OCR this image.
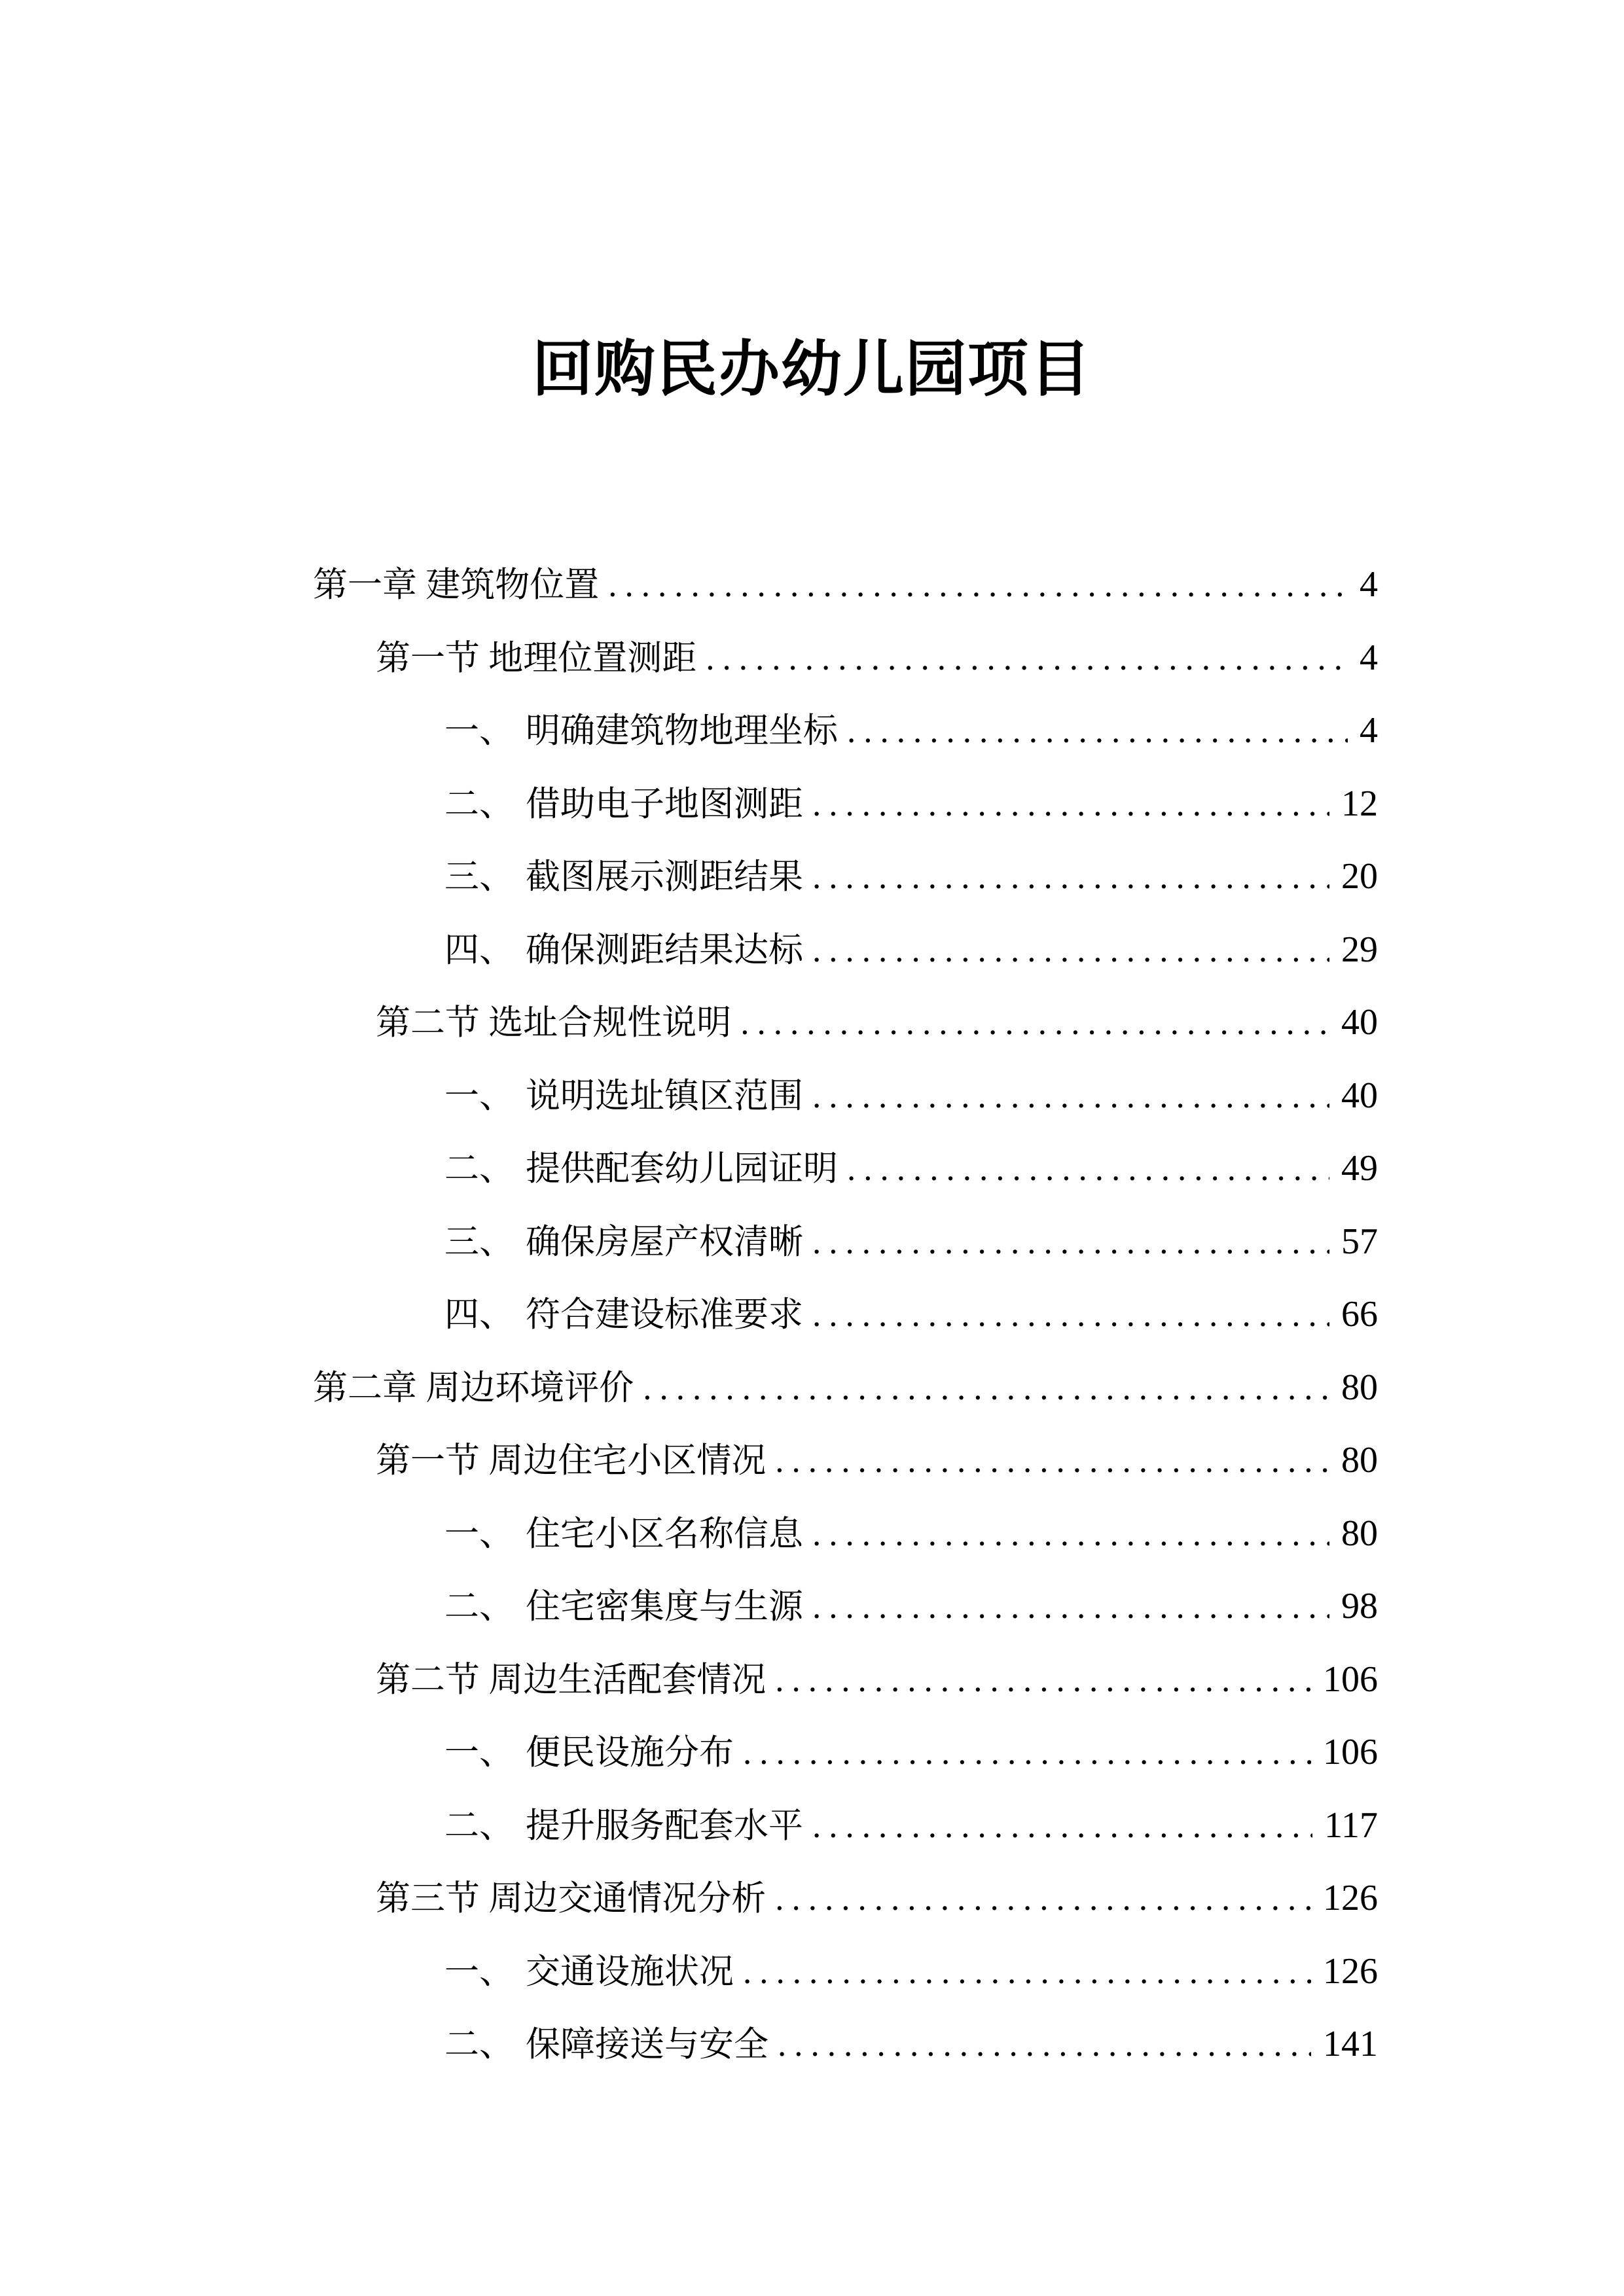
回购民办幼儿园项目
第一章 建筑物位置 .....	4
第一节 地理位置测距 .....	4
一、 明确建筑物地理坐标 .....	4
二、 借助电子地图测距 .....	12
三、 截图展示测距结果 .....	20
四、 确保测距结果达标 .....	29
第二节 选址合规性说明 .....	40
一、 说明选址镇区范围 .....	40
二、 提供配套幼儿园证明 .....	49
三、 确保房屋产权清晰 .....	57
四、 符合建设标准要求 .....	66
第二章 周边环境评价 .....	80
第一节 周边住宅小区情况 .....	80
一、 住宅小区名称信息 .....	80
二、 住宅密集度与生源 .....	98
第二节 周边生活配套情况 .....	106
一、 便民设施分布 .....	106
二、 提升服务配套水平 .....	117
第三节 周边交通情况分析 .....	126
一、 交通设施状况 .....	126
二、 保障接送与安全 .....	141
